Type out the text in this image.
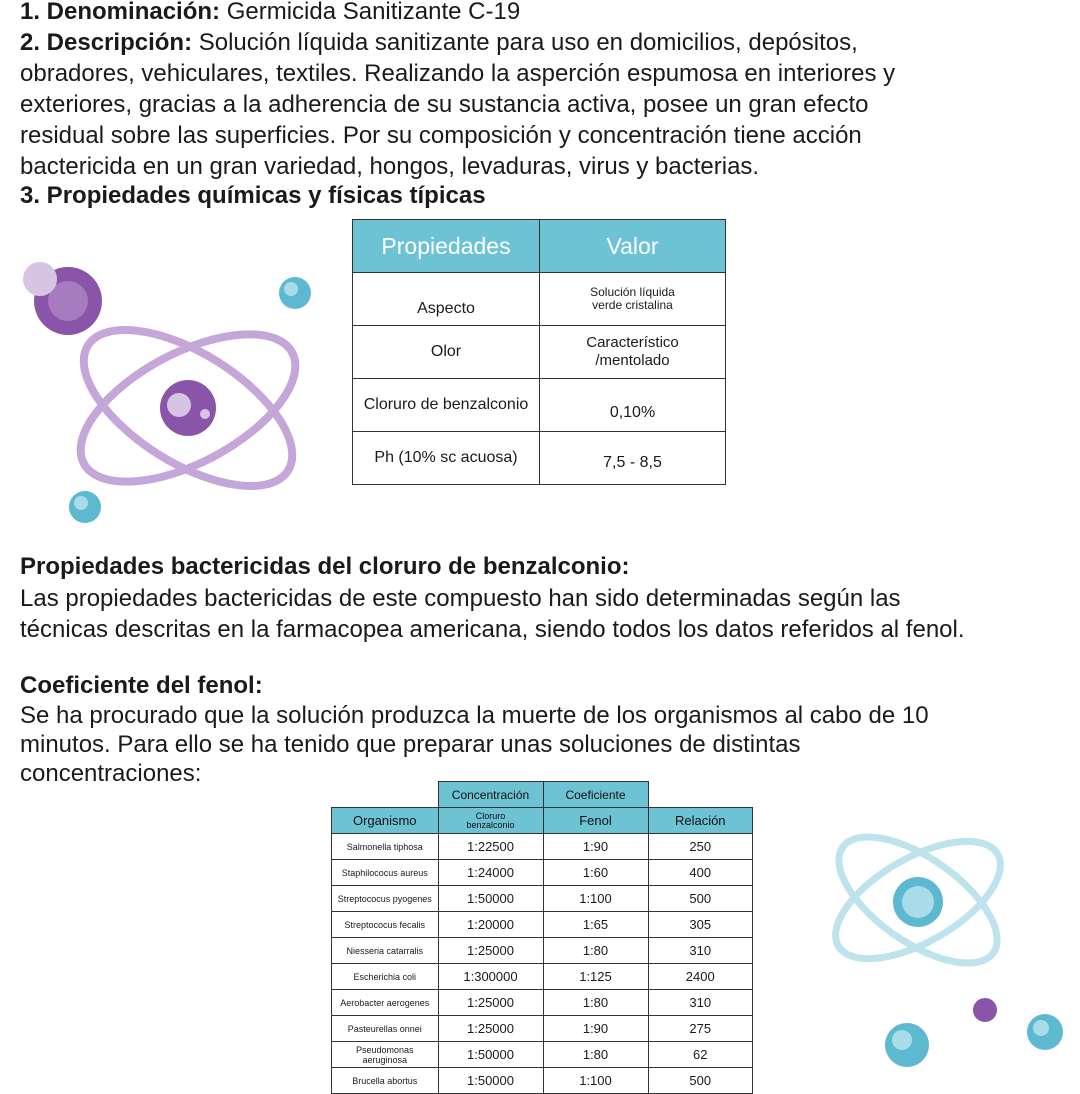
1. Denominación: Germicida Sanitizante C-19

2. Descripción: Solución líquida sanitizante para uso en domicilios, depósitos,

obradores, vehiculares, textiles. Realizando la asperción espumosa en interiores y

exteriores, gracias a la adherencia de su sustancia activa, posee un gran efecto

residual sobre las superficies. Por su composición y concentración tiene acción

bactericida en un gran variedad, hongos, levaduras, virus y bacterias.

3. Propiedades químicas y físicas típicas

Propiedades	Valor
Aspecto	Solución líquida
verde cristalina
Olor	Característico
/mentolado
Cloruro de benzalconio	0,10%
Ph (10% sc acuosa)	7,5 - 8,5

Propiedades bactericidas del cloruro de benzalconio:

Las propiedades bactericidas de este compuesto han sido determinadas según las

técnicas descritas en la farmacopea americana, siendo todos los datos referidos al fenol.

Coeficiente del fenol:

Se ha procurado que la solución produzca la muerte de los organismos al cabo de 10

minutos. Para ello se ha tenido que preparar unas soluciones de distintas

concentraciones:

	Concentración	Coeficiente	
Organismo	Cloruro
benzalconio	Fenol	Relación
Salmonella tiphosa	1:22500	1:90	250
Staphilococus aureus	1:24000	1:60	400
Streptococus pyogenes	1:50000	1:100	500
Streptococus fecalis	1:20000	1:65	305
Niesseria catarralis	1:25000	1:80	310
Escherichia coli	1:300000	1:125	2400
Aerobacter aerogenes	1:25000	1:80	310
Pasteurellas onnei	1:25000	1:90	275
Pseudomonas
aeruginosa	1:50000	1:80	62
Brucella abortus	1:50000	1:100	500
